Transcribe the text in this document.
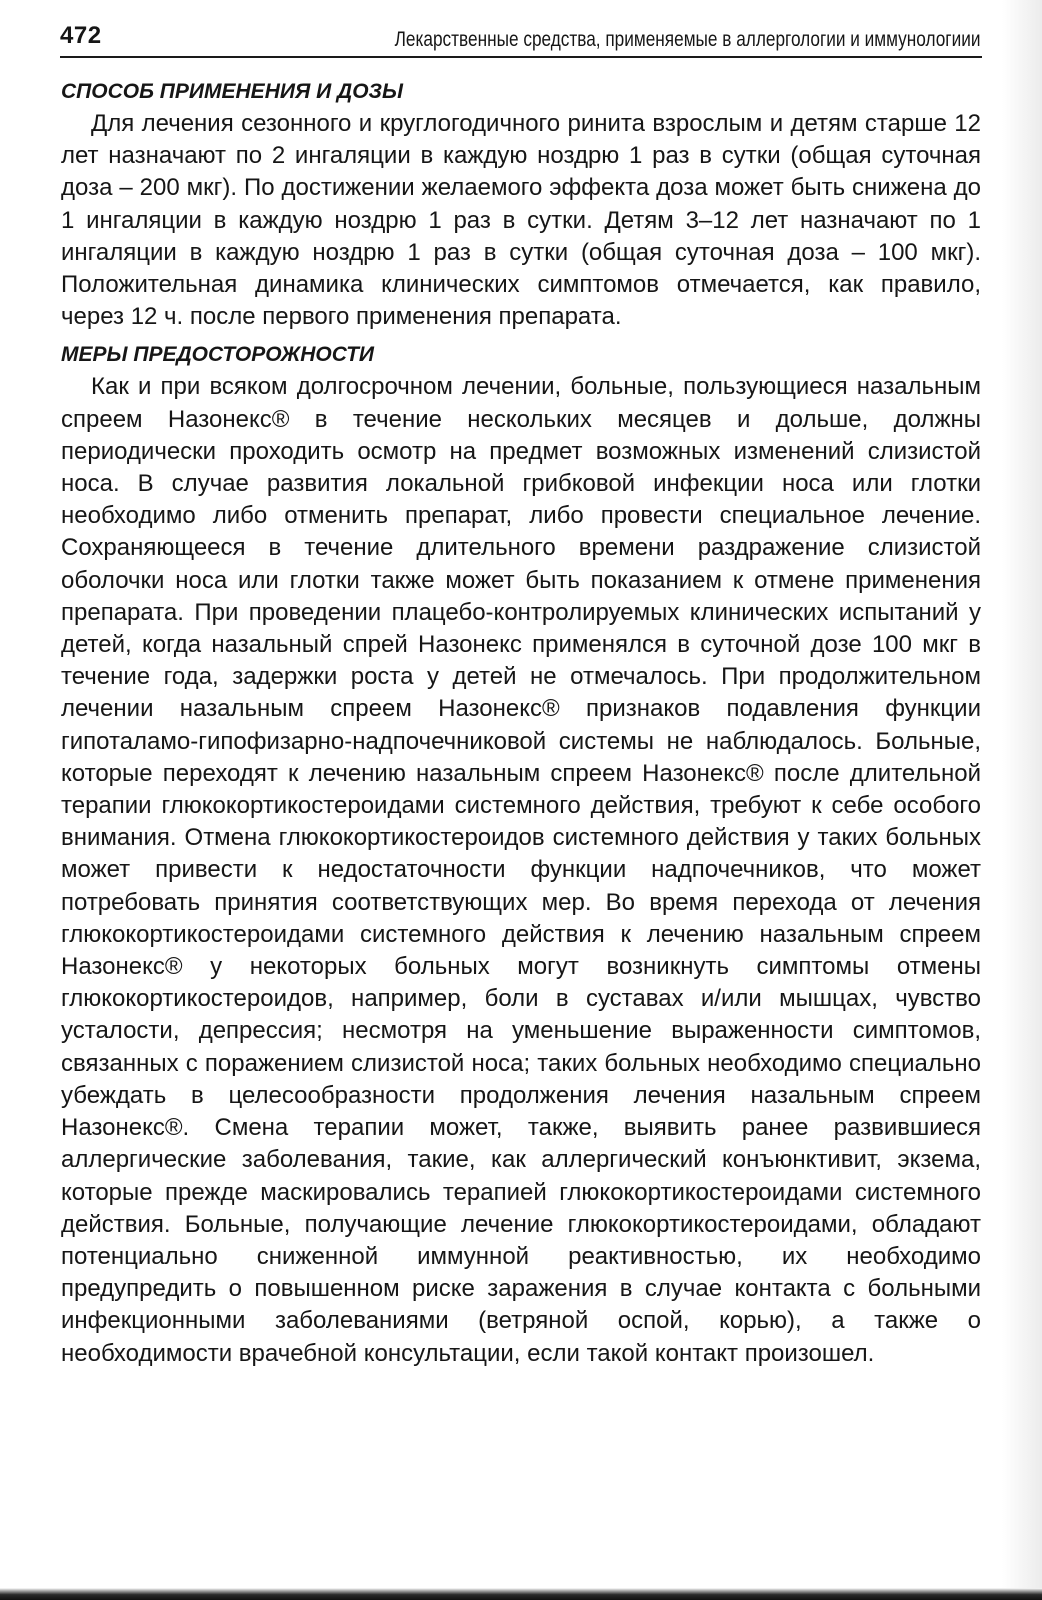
472	Лекарственные средства, применяемые в аллергологии и иммунологиии
СПОСОБ ПРИМЕНЕНИЯ И ДОЗЫ

Для лечения сезонного и круглогодичного ринита взрослым и детям старше 12 лет назначают по 2 ингаляции в каждую ноздрю 1 раз в сутки (общая суточная доза – 200 мкг). По достижении желаемого эффекта доза может быть снижена до 1 ингаляции в каждую ноздрю 1 раз в сутки. Детям 3–12 лет назначают по 1 ингаляции в каждую ноздрю 1 раз в сутки (общая суточная доза – 100 мкг). Положительная динамика клинических симптомов отмечается, как правило, через 12 ч. после первого применения препарата.

МЕРЫ ПРЕДОСТОРОЖНОСТИ

Как и при всяком долгосрочном лечении, больные, пользующиеся назальным спреем Назонекс® в течение нескольких месяцев и дольше, должны периодически проходить осмотр на предмет возможных изменений слизистой носа. В случае развития локальной грибковой инфекции носа или глотки необходимо либо отменить препарат, либо провести специальное лечение. Сохраняющееся в течение длительного времени раздражение слизистой оболочки носа или глотки также может быть показанием к отмене применения препарата. При проведении плацебо-контролируемых клинических испытаний у детей, когда назальный спрей Назонекс применялся в суточной дозе 100 мкг в течение года, задержки роста у детей не отмечалось. При продолжительном лечении назальным спреем Назонекс® признаков подавления функции гипоталамо-гипофизарно-надпочечниковой системы не наблюдалось. Больные, которые переходят к лечению назальным спреем Назонекс® после длительной терапии глюкокортикостероидами системного действия, требуют к себе особого внимания. Отмена глюкокортикостероидов системного действия у таких больных может привести к недостаточности функции надпочечников, что может потребовать принятия соответствующих мер. Во время перехода от лечения глюкокортикостероидами системного действия к лечению назальным спреем Назонекс® у некоторых больных могут возникнуть симптомы отмены глюкокортикостероидов, например, боли в суставах и/или мышцах, чувство усталости, депрессия; несмотря на уменьшение выраженности симптомов, связанных с поражением слизистой носа; таких больных необходимо специально убеждать в целесообразности продолжения лечения назальным спреем Назонекс®. Смена терапии может, также, выявить ранее развившиеся аллергические заболевания, такие, как аллергический конъюнктивит, экзема, которые прежде маскировались терапией глюкокортикостероидами системного действия. Больные, получающие лечение глюкокортикостероидами, обладают потенциально сниженной иммунной реактивностью, их необходимо предупредить о повышенном риске заражения в случае контакта с больными инфекционными заболеваниями (ветряной оспой, корью), а также о необходимости врачебной консультации, если такой контакт произошел.
